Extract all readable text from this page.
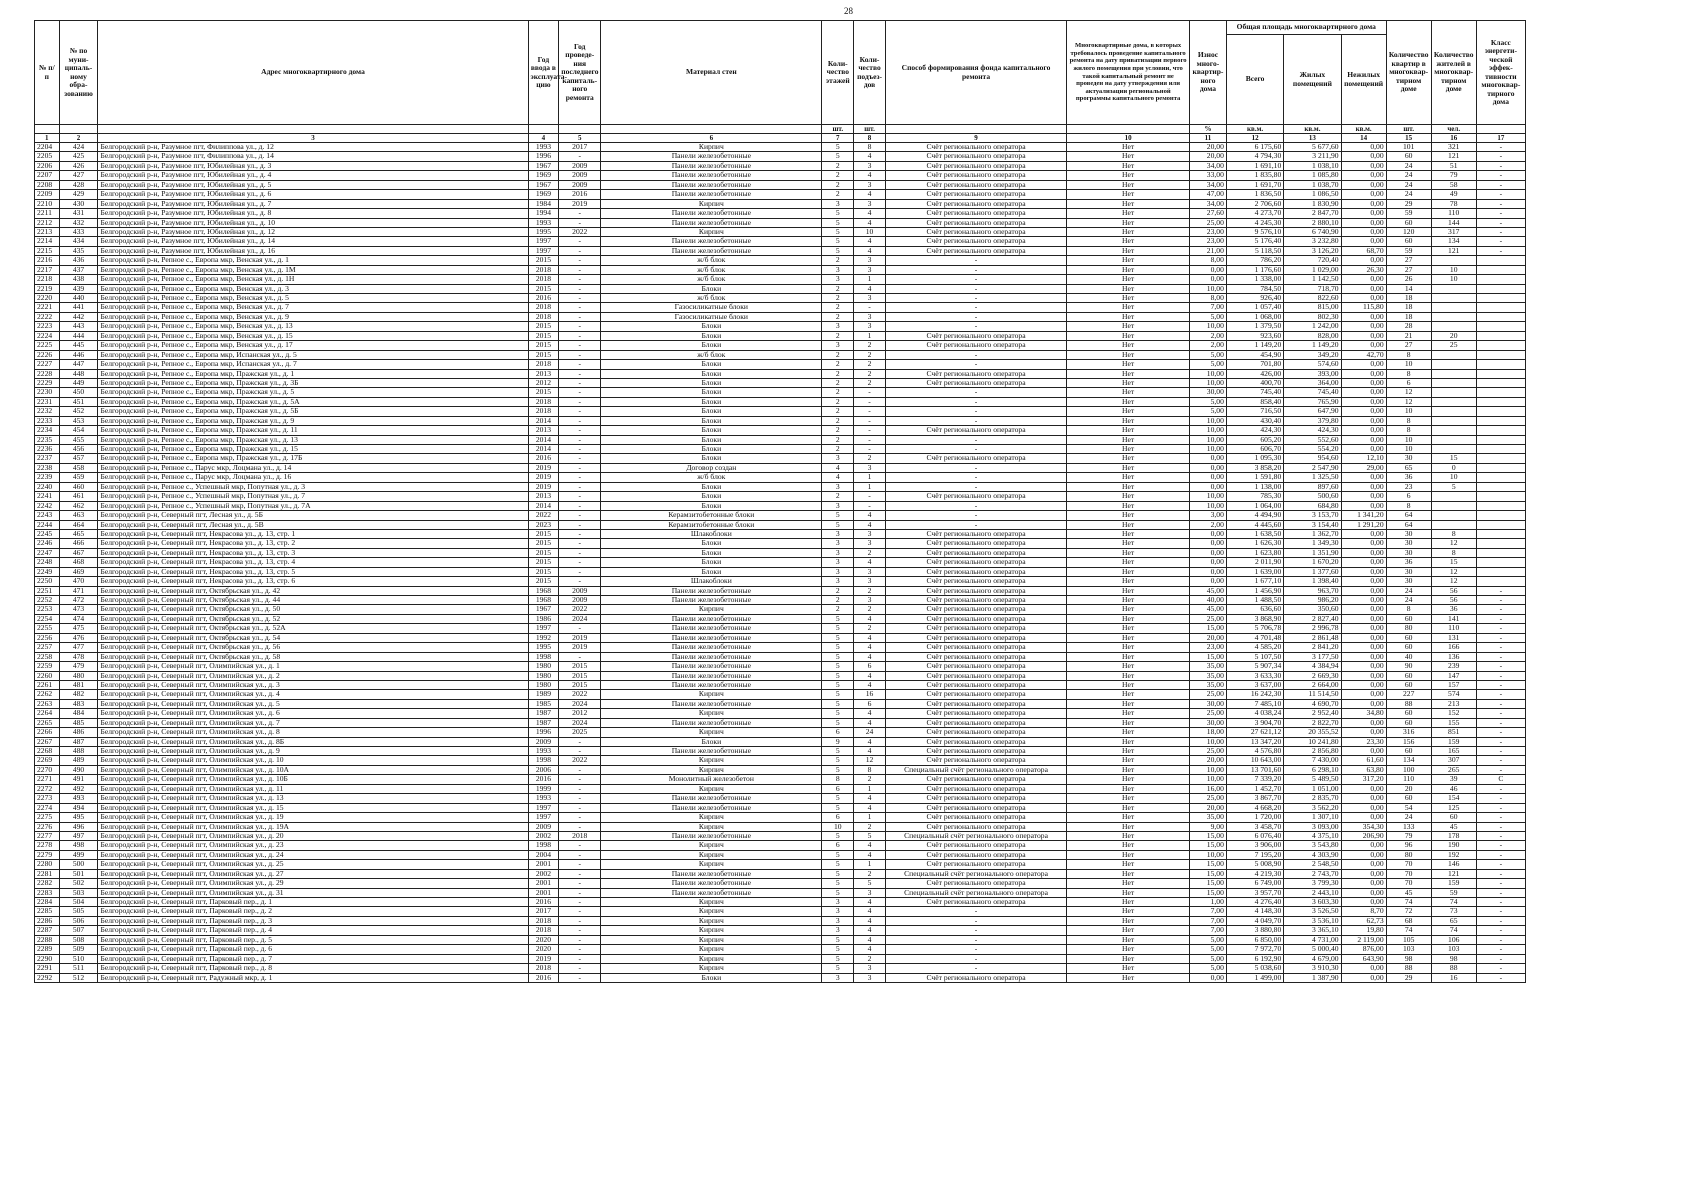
28
№ п/п	№ по муни- ципаль- ному обра- зованию	Адрес многоквартирного дома	Год ввода в эксплуата- цию	Год проведе- ния последнего капиталь- ного ремонта	Материал стен	Коли- чество этажей	Коли- чество подъез- дов	Способ формирования фонда капитального ремонта	Многоквартирные дома, в которых требовалось проведение капитального ремонта на дату приватизации первого жилого помещения при условии, что такой капитальный ремонт не проведен на дату утверждения или актуализации региональной программы капитального ремонта	Износ много- квартир- ного дома	Общая площадь многоквартирного дома			Количество квартир в многоквар- тирном доме	Количество жителей в многоквар- тирном доме	Класс энергети- ческой эффек- тивности многоквар- тирного дома
											Всего	Жилых помещений	Нежилых помещений			
						шт.	шт.			%	кв.м.	кв.м.	кв.м.	шт.	чел.	
1	2	3	4	5	6	7	8	9	10	11	12	13	14	15	16	17
2204	424	Белгородский р-н, Разумное пгт, Филиппова ул., д. 12	1993	2017	Кирпич	5	8	Счёт регионального оператора	Нет	20,00	6 175,60	5 677,60	0,00	101	321	-
2205	425	Белгородский р-н, Разумное пгт, Филиппова ул., д. 14	1996	-	Панели железобетонные	5	4	Счёт регионального оператора	Нет	20,00	4 794,30	3 211,90	0,00	60	121	-
2206	426	Белгородский р-н, Разумное пгт, Юбилейная ул., д. 3	1967	2009	Панели железобетонные	2	3	Счёт регионального оператора	Нет	34,00	1 691,10	1 038,10	0,00	24	51	-
2207	427	Белгородский р-н, Разумное пгт, Юбилейная ул., д. 4	1969	2009	Панели железобетонные	2	4	Счёт регионального оператора	Нет	33,00	1 835,80	1 085,80	0,00	24	79	-
2208	428	Белгородский р-н, Разумное пгт, Юбилейная ул., д. 5	1967	2009	Панели железобетонные	2	3	Счёт регионального оператора	Нет	34,00	1 691,70	1 038,70	0,00	24	58	-
2209	429	Белгородский р-н, Разумное пгт, Юбилейная ул., д. 6	1969	2016	Панели железобетонные	2	4	Счёт регионального оператора	Нет	47,00	1 836,50	1 086,50	0,00	24	49	-
2210	430	Белгородский р-н, Разумное пгт, Юбилейная ул., д. 7	1984	2019	Кирпич	3	3	Счёт регионального оператора	Нет	34,00	2 706,60	1 830,90	0,00	29	78	-
2211	431	Белгородский р-н, Разумное пгт, Юбилейная ул., д. 8	1994	-	Панели железобетонные	5	4	Счёт регионального оператора	Нет	27,60	4 273,70	2 847,70	0,00	59	110	-
2212	432	Белгородский р-н, Разумное пгт, Юбилейная ул., д. 10	1993	-	Панели железобетонные	5	4	Счёт регионального оператора	Нет	25,00	4 245,30	2 880,10	0,00	60	144	-
2213	433	Белгородский р-н, Разумное пгт, Юбилейная ул., д. 12	1995	2022	Кирпич	5	10	Счёт регионального оператора	Нет	23,00	9 576,10	6 740,90	0,00	120	317	-
2214	434	Белгородский р-н, Разумное пгт, Юбилейная ул., д. 14	1997	-	Панели железобетонные	5	4	Счёт регионального оператора	Нет	23,00	5 176,40	3 232,80	0,00	60	134	-
2215	435	Белгородский р-н, Разумное пгт, Юбилейная ул., д. 16	1997	-	Панели железобетонные	5	4	Счёт регионального оператора	Нет	21,00	5 118,50	3 126,20	68,70	59	121	-
2216	436	Белгородский р-н, Репное с., Европа мкр, Венская ул., д. 1	2015	-	ж/б блок	2	3	-	Нет	8,00	786,20	720,40	0,00	27		
2217	437	Белгородский р-н, Репное с., Европа мкр, Венская ул., д. 1М	2018	-	ж/б блок	3	3	-	Нет	0,00	1 176,60	1 029,00	26,30	27	10	
2218	438	Белгородский р-н, Репное с., Европа мкр, Венская ул., д. 1Н	2018	-	ж/б блок	3	1	-	Нет	0,00	1 338,00	1 142,50	0,00	26	10	
2219	439	Белгородский р-н, Репное с., Европа мкр, Венская ул., д. 3	2015	-	Блоки	2	4	-	Нет	10,00	784,50	718,70	0,00	14		
2220	440	Белгородский р-н, Репное с., Европа мкр, Венская ул., д. 5	2016	-	ж/б блок	2	3	-	Нет	8,00	926,40	822,60	0,00	18		
2221	441	Белгородский р-н, Репное с., Европа мкр, Венская ул., д. 7	2018	-	Газосиликатные блоки	2	-	-	Нет	7,00	1 057,40	815,00	115,80	18		
2222	442	Белгородский р-н, Репное с., Европа мкр, Венская ул., д. 9	2018	-	Газосиликатные блоки	2	3	-	Нет	5,00	1 068,00	802,30	0,00	18		
2223	443	Белгородский р-н, Репное с., Европа мкр, Венская ул., д. 13	2015	-	Блоки	3	3	-	Нет	10,00	1 379,50	1 242,00	0,00	28		
2224	444	Белгородский р-н, Репное с., Европа мкр, Венская ул., д. 15	2015	-	Блоки	2	1	Счёт регионального оператора	Нет	2,00	923,60	828,00	0,00	21	20	
2225	445	Белгородский р-н, Репное с., Европа мкр, Венская ул., д. 17	2015	-	Блоки	3	2	Счёт регионального оператора	Нет	2,00	1 149,20	1 149,20	0,00	27	25	
2226	446	Белгородский р-н, Репное с., Европа мкр, Испанская ул., д. 5	2015	-	ж/б блок	2	2	-	Нет	5,00	454,90	349,20	42,70	8		
2227	447	Белгородский р-н, Репное с., Европа мкр, Испанская ул., д. 7	2018	-	Блоки	2	2	-	Нет	5,00	701,80	574,60	0,00	10		
2228	448	Белгородский р-н, Репное с., Европа мкр, Пражская ул., д. 1	2013	-	Блоки	2	2	Счёт регионального оператора	Нет	10,00	426,00	393,00	0,00	8		
2229	449	Белгородский р-н, Репное с., Европа мкр, Пражская ул., д. 3Б	2012	-	Блоки	2	2	Счёт регионального оператора	Нет	10,00	400,70	364,00	0,00	6		
2230	450	Белгородский р-н, Репное с., Европа мкр, Пражская ул., д. 5	2015	-	Блоки	2	-	-	Нет	30,00	745,40	745,40	0,00	12		
2231	451	Белгородский р-н, Репное с., Европа мкр, Пражская ул., д. 5А	2018	-	Блоки	2	-	-	Нет	5,00	858,40	765,90	0,00	12		
2232	452	Белгородский р-н, Репное с., Европа мкр, Пражская ул., д. 5Б	2018	-	Блоки	2	-	-	Нет	5,00	716,50	647,90	0,00	10		
2233	453	Белгородский р-н, Репное с., Европа мкр, Пражская ул., д. 9	2014	-	Блоки	2	-	-	Нет	10,00	430,40	379,80	0,00	8		
2234	454	Белгородский р-н, Репное с., Европа мкр, Пражская ул., д. 11	2013	-	Блоки	2	-	Счёт регионального оператора	Нет	10,00	424,30	424,30	0,00	8		
2235	455	Белгородский р-н, Репное с., Европа мкр, Пражская ул., д. 13	2014	-	Блоки	2	-	-	Нет	10,00	605,20	552,60	0,00	10		
2236	456	Белгородский р-н, Репное с., Европа мкр, Пражская ул., д. 15	2014	-	Блоки	2	-	-	Нет	10,00	606,70	554,20	0,00	10		
2237	457	Белгородский р-н, Репное с., Европа мкр, Пражская ул., д. 17Б	2016	-	Блоки	3	2	Счёт регионального оператора	Нет	0,00	1 095,30	954,60	12,10	30	15	
2238	458	Белгородский р-н, Репное с., Парус мкр, Лоцмана ул., д. 14	2019	-	Договор создан	4	3	-	Нет	0,00	3 858,20	2 547,90	29,00	65	0	
2239	459	Белгородский р-н, Репное с., Парус мкр, Лоцмана ул., д. 16	2019	-	ж/б блок	4	1	-	Нет	0,00	1 591,80	1 325,50	0,00	36	10	
2240	460	Белгородский р-н, Репное с., Успешный мкр, Попутная ул., д. 3	2019	-	Блоки	3	1	-	Нет	0,00	1 138,00	897,60	0,00	23	5	
2241	461	Белгородский р-н, Репное с., Успешный мкр, Попутная ул., д. 7	2013	-	Блоки	2	-	Счёт регионального оператора	Нет	10,00	785,30	500,60	0,00	6		
2242	462	Белгородский р-н, Репное с., Успешный мкр, Попутная ул., д. 7А	2014	-	Блоки	3	-	-	Нет	10,00	1 064,00	684,80	0,00	8		
2243	463	Белгородский р-н, Северный пгт, Лесная ул., д. 5Б	2022	-	Керамзитобетонные блоки	5	4	-	Нет	3,00	4 494,90	3 153,70	1 341,20	64		
2244	464	Белгородский р-н, Северный пгт, Лесная ул., д. 5В	2023	-	Керамзитобетонные блоки	5	4	-	Нет	2,00	4 445,60	3 154,40	1 291,20	64		
2245	465	Белгородский р-н, Северный пгт, Некрасова ул., д. 13, стр. 1	2015	-	Шлакоблоки	3	3	Счёт регионального оператора	Нет	0,00	1 638,50	1 362,70	0,00	30	8	
2246	466	Белгородский р-н, Северный пгт, Некрасова ул., д. 13, стр. 2	2015	-	Блоки	3	3	Счёт регионального оператора	Нет	0,00	1 626,30	1 349,30	0,00	30	12	
2247	467	Белгородский р-н, Северный пгт, Некрасова ул., д. 13, стр. 3	2015	-	Блоки	3	2	Счёт регионального оператора	Нет	0,00	1 623,80	1 351,90	0,00	30	8	
2248	468	Белгородский р-н, Северный пгт, Некрасова ул., д. 13, стр. 4	2015	-	Блоки	3	4	Счёт регионального оператора	Нет	0,00	2 011,90	1 670,20	0,00	36	15	
2249	469	Белгородский р-н, Северный пгт, Некрасова ул., д. 13, стр. 5	2015	-	Блоки	3	3	Счёт регионального оператора	Нет	0,00	1 639,00	1 377,60	0,00	30	12	
2250	470	Белгородский р-н, Северный пгт, Некрасова ул., д. 13, стр. 6	2015	-	Шлакоблоки	3	3	Счёт регионального оператора	Нет	0,00	1 677,10	1 398,40	0,00	30	12	
2251	471	Белгородский р-н, Северный пгт, Октябрьская ул., д. 42	1968	2009	Панели железобетонные	2	2	Счёт регионального оператора	Нет	45,00	1 456,90	963,70	0,00	24	56	-
2252	472	Белгородский р-н, Северный пгт, Октябрьская ул., д. 44	1968	2009	Панели железобетонные	2	3	Счёт регионального оператора	Нет	40,00	1 488,50	986,20	0,00	24	56	-
2253	473	Белгородский р-н, Северный пгт, Октябрьская ул., д. 50	1967	2022	Кирпич	2	2	Счёт регионального оператора	Нет	45,00	636,60	350,60	0,00	8	36	-
2254	474	Белгородский р-н, Северный пгт, Октябрьская ул., д. 52	1986	2024	Панели железобетонные	5	4	Счёт регионального оператора	Нет	25,00	3 868,90	2 827,40	0,00	60	141	-
2255	475	Белгородский р-н, Северный пгт, Октябрьская ул., д. 52А	1997	-	Панели железобетонные	5	2	Счёт регионального оператора	Нет	15,00	5 706,78	2 996,78	0,00	80	110	-
2256	476	Белгородский р-н, Северный пгт, Октябрьская ул., д. 54	1992	2019	Панели железобетонные	5	4	Счёт регионального оператора	Нет	20,00	4 701,48	2 861,48	0,00	60	131	-
2257	477	Белгородский р-н, Северный пгт, Октябрьская ул., д. 56	1995	2019	Панели железобетонные	5	4	Счёт регионального оператора	Нет	23,00	4 585,20	2 841,20	0,00	60	166	-
2258	478	Белгородский р-н, Северный пгт, Октябрьская ул., д. 58	1998	-	Панели железобетонные	5	4	Счёт регионального оператора	Нет	15,00	5 107,50	3 177,50	0,00	40	136	-
2259	479	Белгородский р-н, Северный пгт, Олимпийская ул., д. 1	1980	2015	Панели железобетонные	5	6	Счёт регионального оператора	Нет	35,00	5 907,34	4 384,94	0,00	90	239	-
2260	480	Белгородский р-н, Северный пгт, Олимпийская ул., д. 2	1980	2015	Панели железобетонные	5	4	Счёт регионального оператора	Нет	35,00	3 633,30	2 669,30	0,00	60	147	-
2261	481	Белгородский р-н, Северный пгт, Олимпийская ул., д. 3	1980	2015	Панели железобетонные	5	4	Счёт регионального оператора	Нет	35,00	3 637,00	2 664,00	0,00	60	157	-
2262	482	Белгородский р-н, Северный пгт, Олимпийская ул., д. 4	1989	2022	Кирпич	5	16	Счёт регионального оператора	Нет	25,00	16 242,30	11 514,50	0,00	227	574	-
2263	483	Белгородский р-н, Северный пгт, Олимпийская ул., д. 5	1985	2024	Панели железобетонные	5	6	Счёт регионального оператора	Нет	30,00	7 485,10	4 690,70	0,00	88	213	-
2264	484	Белгородский р-н, Северный пгт, Олимпийская ул., д. 6	1987	2012	Кирпич	5	4	Счёт регионального оператора	Нет	25,00	4 038,24	2 952,40	34,80	60	152	-
2265	485	Белгородский р-н, Северный пгт, Олимпийская ул., д. 7	1987	2024	Панели железобетонные	5	4	Счёт регионального оператора	Нет	30,00	3 904,70	2 822,70	0,00	60	155	-
2266	486	Белгородский р-н, Северный пгт, Олимпийская ул., д. 8	1996	2025	Кирпич	6	24	Счёт регионального оператора	Нет	18,00	27 621,12	20 355,52	0,00	316	851	-
2267	487	Белгородский р-н, Северный пгт, Олимпийская ул., д. 8Б	2009	-	Блоки	9	4	Счёт регионального оператора	Нет	10,00	13 347,20	10 241,80	23,30	156	159	-
2268	488	Белгородский р-н, Северный пгт, Олимпийская ул., д. 9	1993	-	Панели железобетонные	5	4	Счёт регионального оператора	Нет	25,00	4 576,80	2 856,80	0,00	60	165	-
2269	489	Белгородский р-н, Северный пгт, Олимпийская ул., д. 10	1998	2022	Кирпич	5	12	Счёт регионального оператора	Нет	20,00	10 643,00	7 430,00	61,60	134	307	-
2270	490	Белгородский р-н, Северный пгт, Олимпийская ул., д. 10А	2006	-	Кирпич	5	8	Специальный счёт регионального оператора	Нет	10,00	13 701,60	6 298,10	63,80	100	265	-
2271	491	Белгородский р-н, Северный пгт, Олимпийская ул., д. 10Б	2016	-	Монолитный железобетон	8	2	Счёт регионального оператора	Нет	10,00	7 339,20	5 489,50	317,20	110	39	С
2272	492	Белгородский р-н, Северный пгт, Олимпийская ул., д. 11	1999	-	Кирпич	6	1	Счёт регионального оператора	Нет	16,00	1 452,70	1 051,00	0,00	20	46	-
2273	493	Белгородский р-н, Северный пгт, Олимпийская ул., д. 13	1993	-	Панели железобетонные	5	4	Счёт регионального оператора	Нет	25,00	3 867,70	2 835,70	0,00	60	154	-
2274	494	Белгородский р-н, Северный пгт, Олимпийская ул., д. 15	1997	-	Панели железобетонные	5	4	Счёт регионального оператора	Нет	20,00	4 668,20	3 562,20	0,00	54	125	-
2275	495	Белгородский р-н, Северный пгт, Олимпийская ул., д. 19	1997	-	Кирпич	6	1	Счёт регионального оператора	Нет	35,00	1 720,00	1 307,10	0,00	24	60	-
2276	496	Белгородский р-н, Северный пгт, Олимпийская ул., д. 19А	2009	-	Кирпич	10	2	Счёт регионального оператора	Нет	9,00	3 458,70	3 093,00	354,30	133	45	-
2277	497	Белгородский р-н, Северный пгт, Олимпийская ул., д. 20	2002	2018	Панели железобетонные	5	5	Специальный счёт регионального оператора	Нет	15,00	6 076,40	4 375,10	206,90	79	178	-
2278	498	Белгородский р-н, Северный пгт, Олимпийская ул., д. 23	1998	-	Кирпич	6	4	Счёт регионального оператора	Нет	15,00	3 906,00	3 543,80	0,00	96	190	-
2279	499	Белгородский р-н, Северный пгт, Олимпийская ул., д. 24	2004	-	Кирпич	5	4	Счёт регионального оператора	Нет	10,00	7 195,20	4 303,90	0,00	80	192	-
2280	500	Белгородский р-н, Северный пгт, Олимпийская ул., д. 25	2001	-	Кирпич	5	1	Счёт регионального оператора	Нет	15,00	5 008,90	2 548,50	0,00	70	146	-
2281	501	Белгородский р-н, Северный пгт, Олимпийская ул., д. 27	2002	-	Панели железобетонные	5	2	Специальный счёт регионального оператора	Нет	15,00	4 219,30	2 743,70	0,00	70	121	-
2282	502	Белгородский р-н, Северный пгт, Олимпийская ул., д. 29	2001	-	Панели железобетонные	5	5	Счёт регионального оператора	Нет	15,00	6 749,00	3 799,30	0,00	70	159	-
2283	503	Белгородский р-н, Северный пгт, Олимпийская ул., д. 31	2001	-	Панели железобетонные	5	3	Специальный счёт регионального оператора	Нет	15,00	3 957,70	2 443,10	0,00	45	59	-
2284	504	Белгородский р-н, Северный пгт, Парковый пер., д. 1	2016	-	Кирпич	3	4	Счёт регионального оператора	Нет	1,00	4 276,40	3 603,30	0,00	74	74	-
2285	505	Белгородский р-н, Северный пгт, Парковый пер., д. 2	2017	-	Кирпич	3	4	-	Нет	7,00	4 148,30	3 526,50	8,70	72	73	-
2286	506	Белгородский р-н, Северный пгт, Парковый пер., д. 3	2018	-	Кирпич	3	4	-	Нет	7,00	4 049,70	3 536,10	62,73	68	65	-
2287	507	Белгородский р-н, Северный пгт, Парковый пер., д. 4	2018	-	Кирпич	3	4	-	Нет	7,00	3 880,80	3 365,10	19,80	74	74	-
2288	508	Белгородский р-н, Северный пгт, Парковый пер., д. 5	2020	-	Кирпич	5	4	-	Нет	5,00	6 850,00	4 731,00	2 119,00	105	106	-
2289	509	Белгородский р-н, Северный пгт, Парковый пер., д. 6	2020	-	Кирпич	5	4	-	Нет	5,00	7 972,70	5 000,40	876,00	103	103	-
2290	510	Белгородский р-н, Северный пгт, Парковый пер., д. 7	2019	-	Кирпич	5	2	-	Нет	5,00	6 192,90	4 679,00	643,90	98	98	-
2291	511	Белгородский р-н, Северный пгт, Парковый пер., д. 8	2018	-	Кирпич	5	3	-	Нет	5,00	5 038,60	3 910,30	0,00	88	88	-
2292	512	Белгородский р-н, Северный пгт, Радужный мкр, д. 1	2016	-	Блоки	3	3	Счёт регионального оператора	Нет	0,00	1 499,00	1 387,90	0,00	29	16	-
